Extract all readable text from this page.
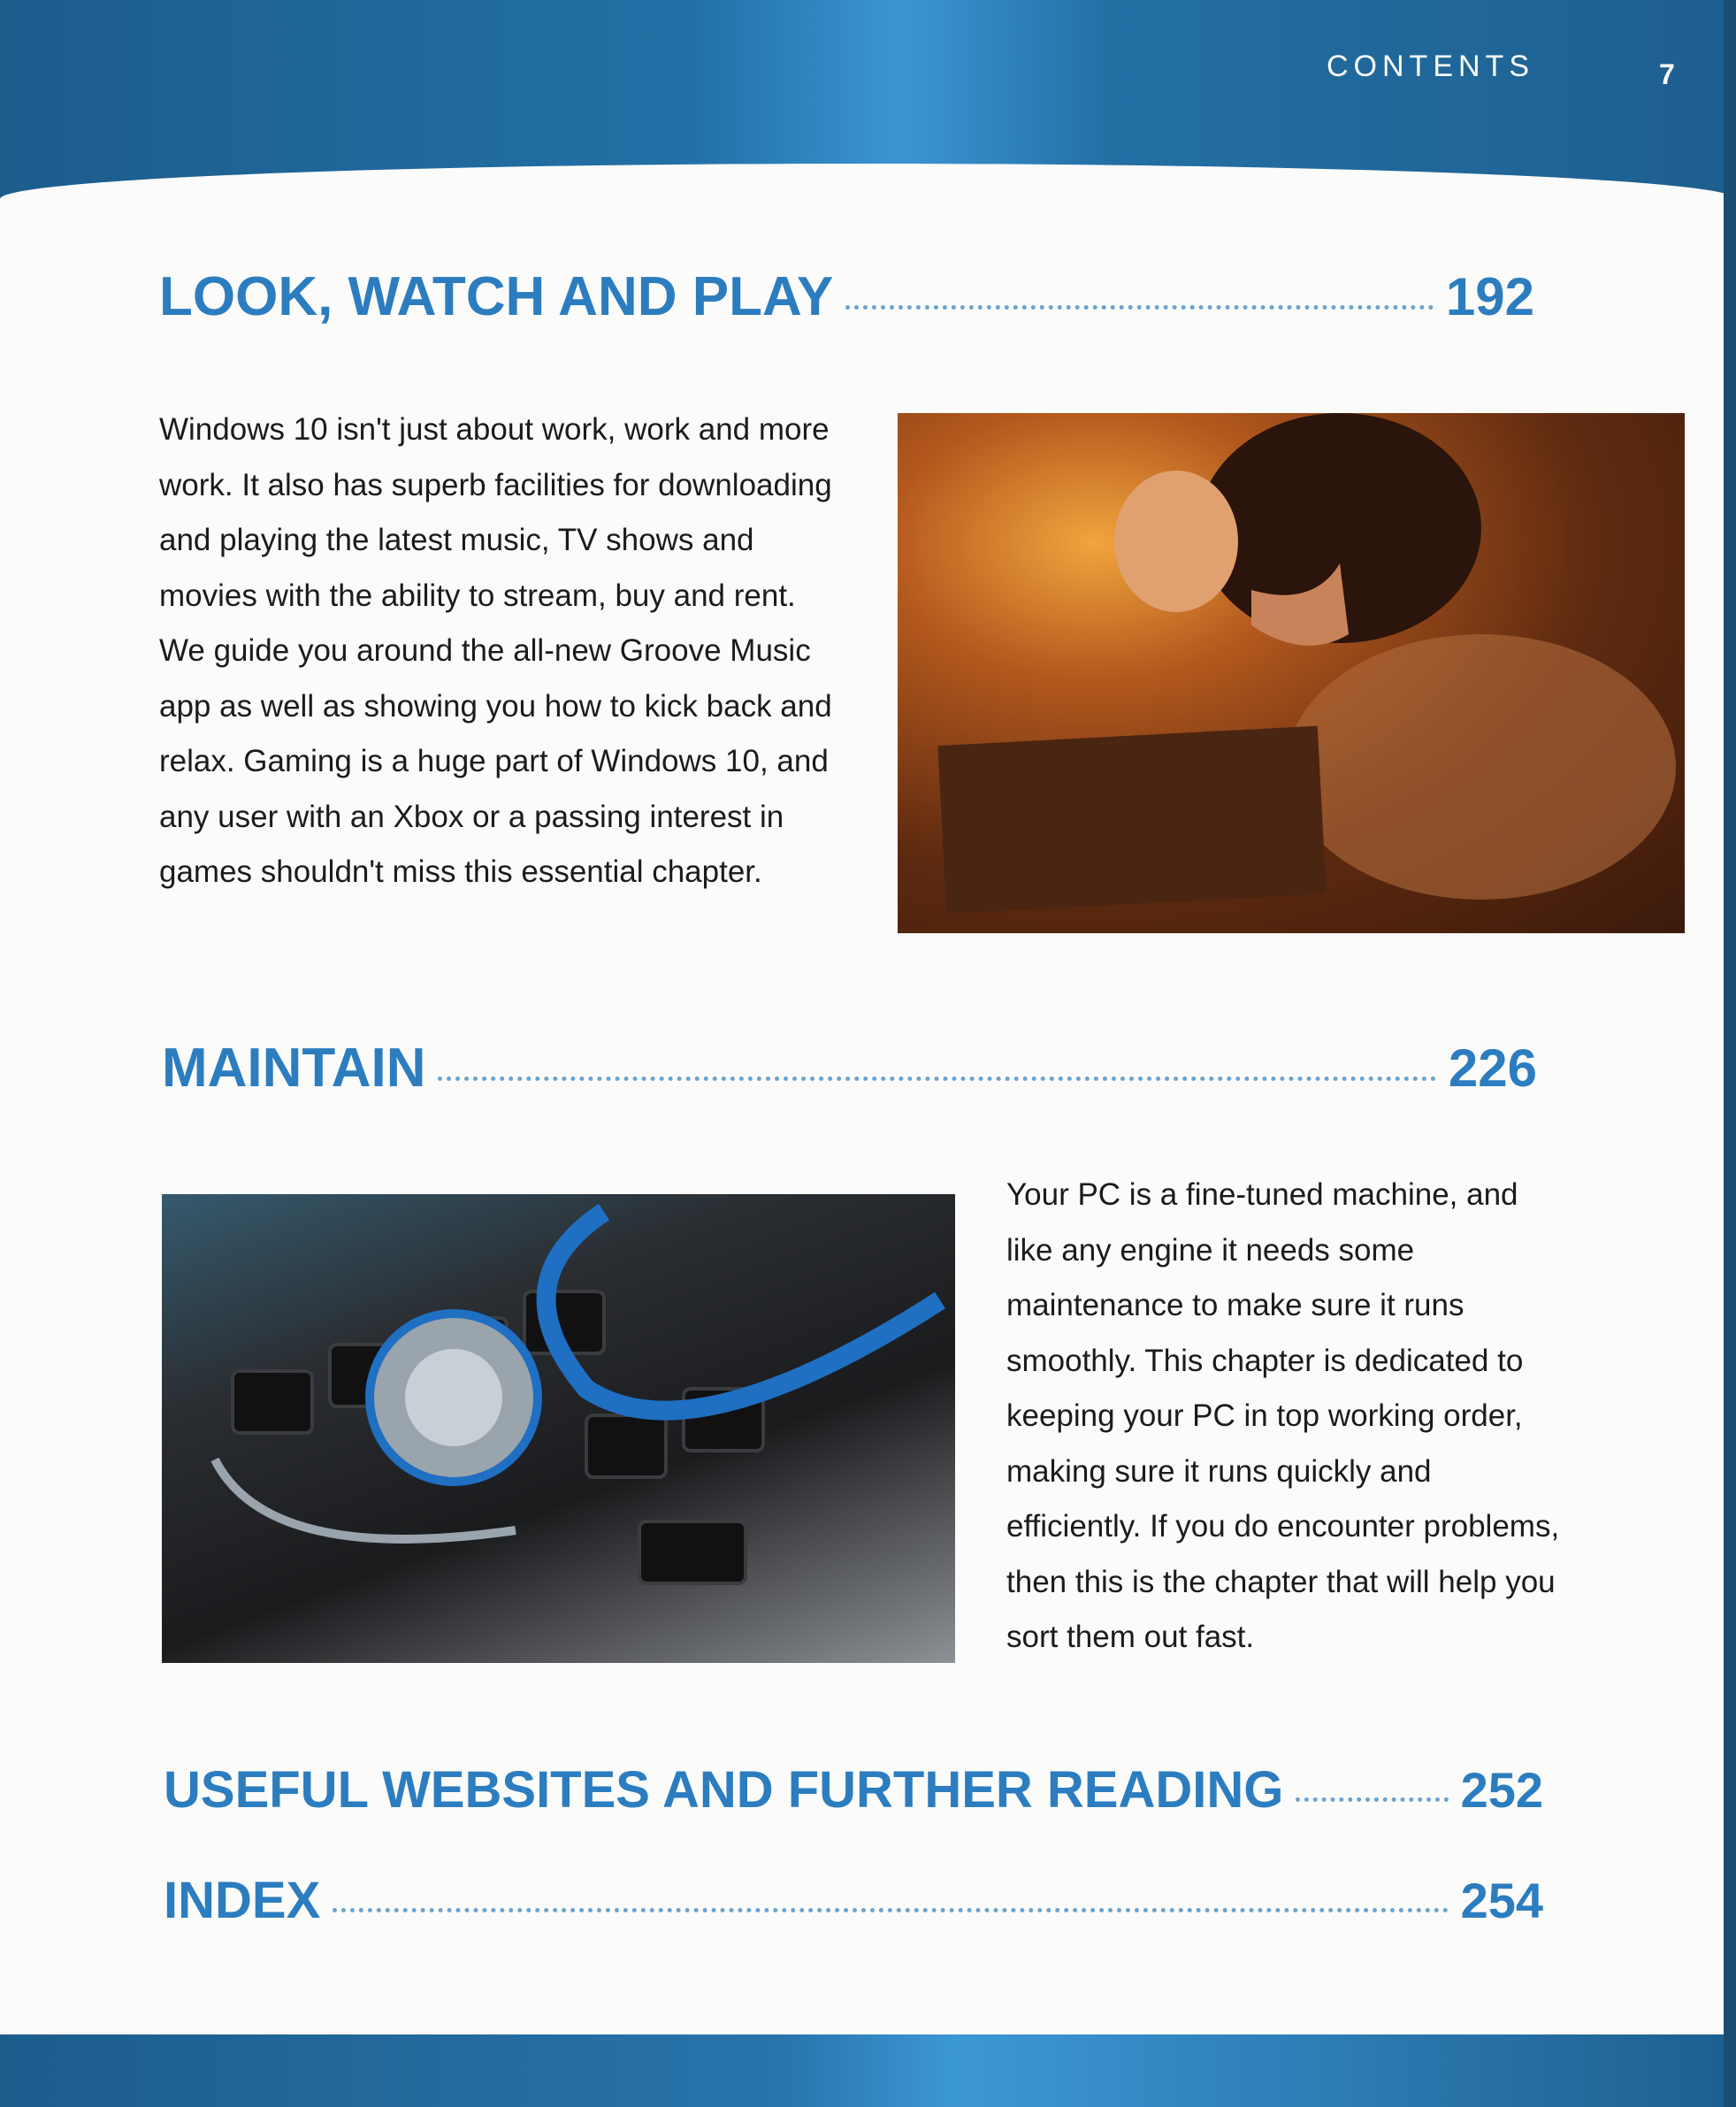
CONTENTS	7
LOOK, WATCH AND PLAY	192
Windows 10 isn't just about work, work and more work. It also has superb facilities for downloading and playing the latest music, TV shows and movies with the ability to stream, buy and rent. We guide you around the all-new Groove Music app as well as showing you how to kick back and relax. Gaming is a huge part of Windows 10, and any user with an Xbox or a passing interest in games shouldn't miss this essential chapter.
MAINTAIN	226
Your PC is a fine-tuned machine, and like any engine it needs some maintenance to make sure it runs smoothly. This chapter is dedicated to keeping your PC in top working order, making sure it runs quickly and efficiently. If you do encounter problems, then this is the chapter that will help you sort them out fast.
USEFUL WEBSITES AND FURTHER READING	252
INDEX	254
